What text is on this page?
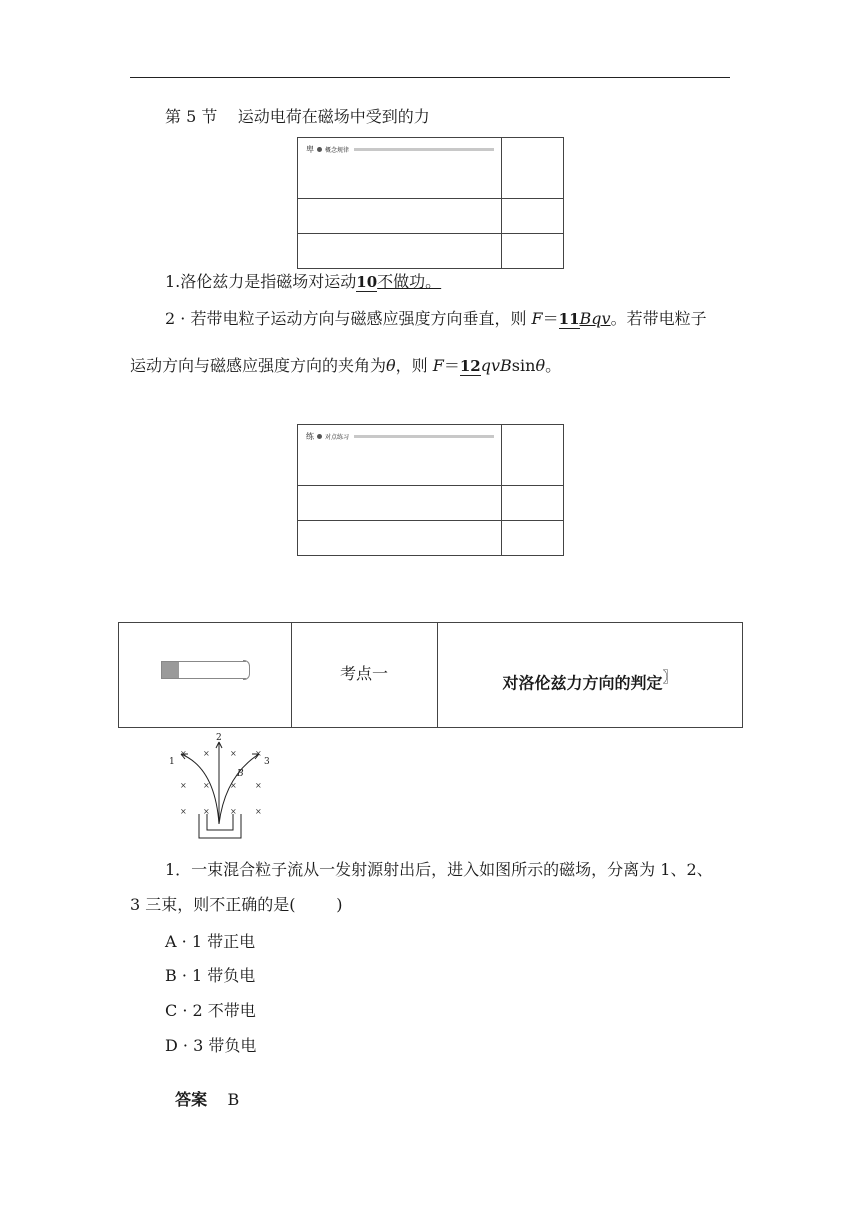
第 5 节    运动电荷在磁场中受到的力
卑 概念规律
1.洛伦兹力是指磁场对运动10不做功。
2 · 若带电粒子运动方向与磁感应强度方向垂直，则 F＝11Bqv。若带电粒子
运动方向与磁感应强度方向的夹角为θ，则 F＝12qvBsinθ。
练 对点练习
考点一	对洛伦兹力方向的判定〗
× ×	× ×
× ×	× ×
× ×	× ×
1
2
3
B
1．一束混合粒子流从一发射源射出后，进入如图所示的磁场，分离为 1、2、
3 三束，则不正确的是(        )
A · 1 带正电
B · 1 带负电
C · 2 不带电
D · 3 带负电

答案 B
